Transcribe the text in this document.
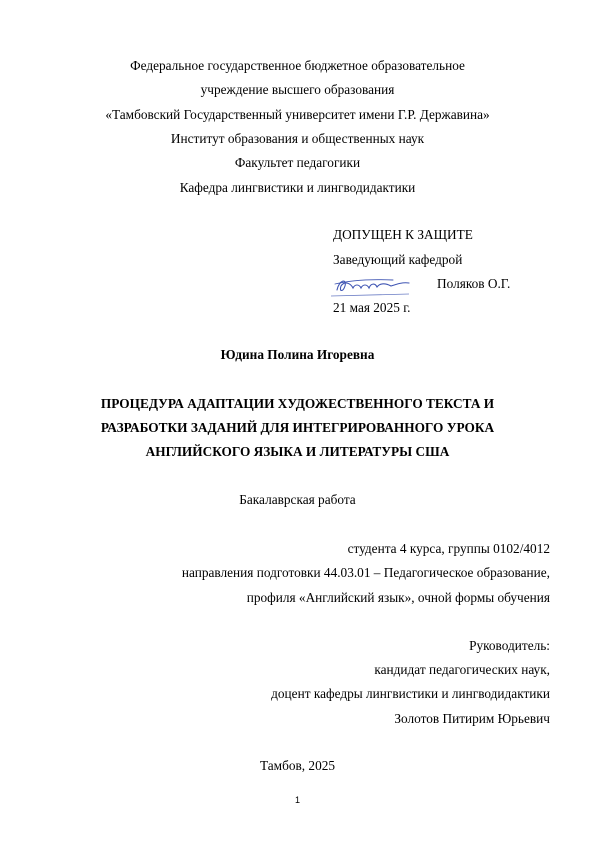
Федеральное государственное бюджетное образовательное
учреждение высшего образования
«Тамбовский Государственный университет имени Г.Р. Державина»
Институт образования и общественных наук
Факультет педагогики
Кафедра лингвистики и лингводидактики
ДОПУЩЕН К ЗАЩИТЕ
Заведующий кафедрой
Поляков О.Г.
21 мая 2025 г.
Юдина Полина Игоревна
ПРОЦЕДУРА АДАПТАЦИИ ХУДОЖЕСТВЕННОГО ТЕКСТА И
РАЗРАБОТКИ ЗАДАНИЙ ДЛЯ ИНТЕГРИРОВАННОГО УРОКА
АНГЛИЙСКОГО ЯЗЫКА И ЛИТЕРАТУРЫ США
Бакалаврская работа
студента 4 курса, группы 0102/4012
направления подготовки 44.03.01 – Педагогическое образование,
профиля «Английский язык», очной формы обучения
Руководитель:
кандидат педагогических наук,
доцент кафедры лингвистики и лингводидактики
Золотов Питирим Юрьевич
Тамбов, 2025
1
